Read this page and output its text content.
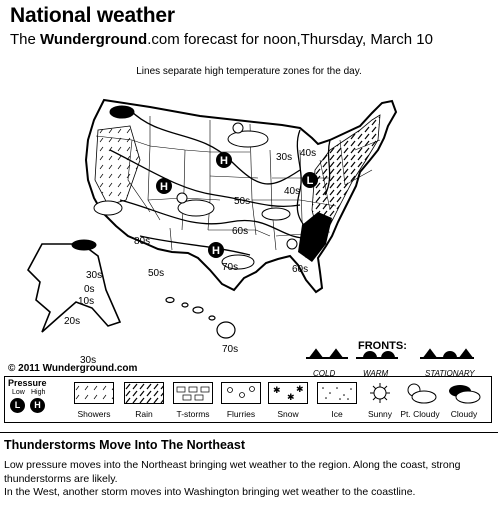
National weather
The Wunderground.com forecast for noon,Thursday, March 10
Lines separate high temperature zones for the day.
H
H
H
L
30s
40s
50s
60s
70s
80s
50s	60s
40s
30s
20s
10s
0s
70s
30s
FRONTS:
COLD	WARM	STATIONARY
© 2011 Wunderground.com
Pressure
Low High
L	H
✱
✱
✱
Showers	Rain	T-storms	Flurries	Snow	Ice	Sunny Pt. Cloudy	Cloudy
Thunderstorms Move Into The Northeast
Low pressure moves into the Northeast bringing wet weather to the region. Along the coast, strong thunderstorms are likely.
In the West, another storm moves into Washington bringing wet weather to the coastline.
